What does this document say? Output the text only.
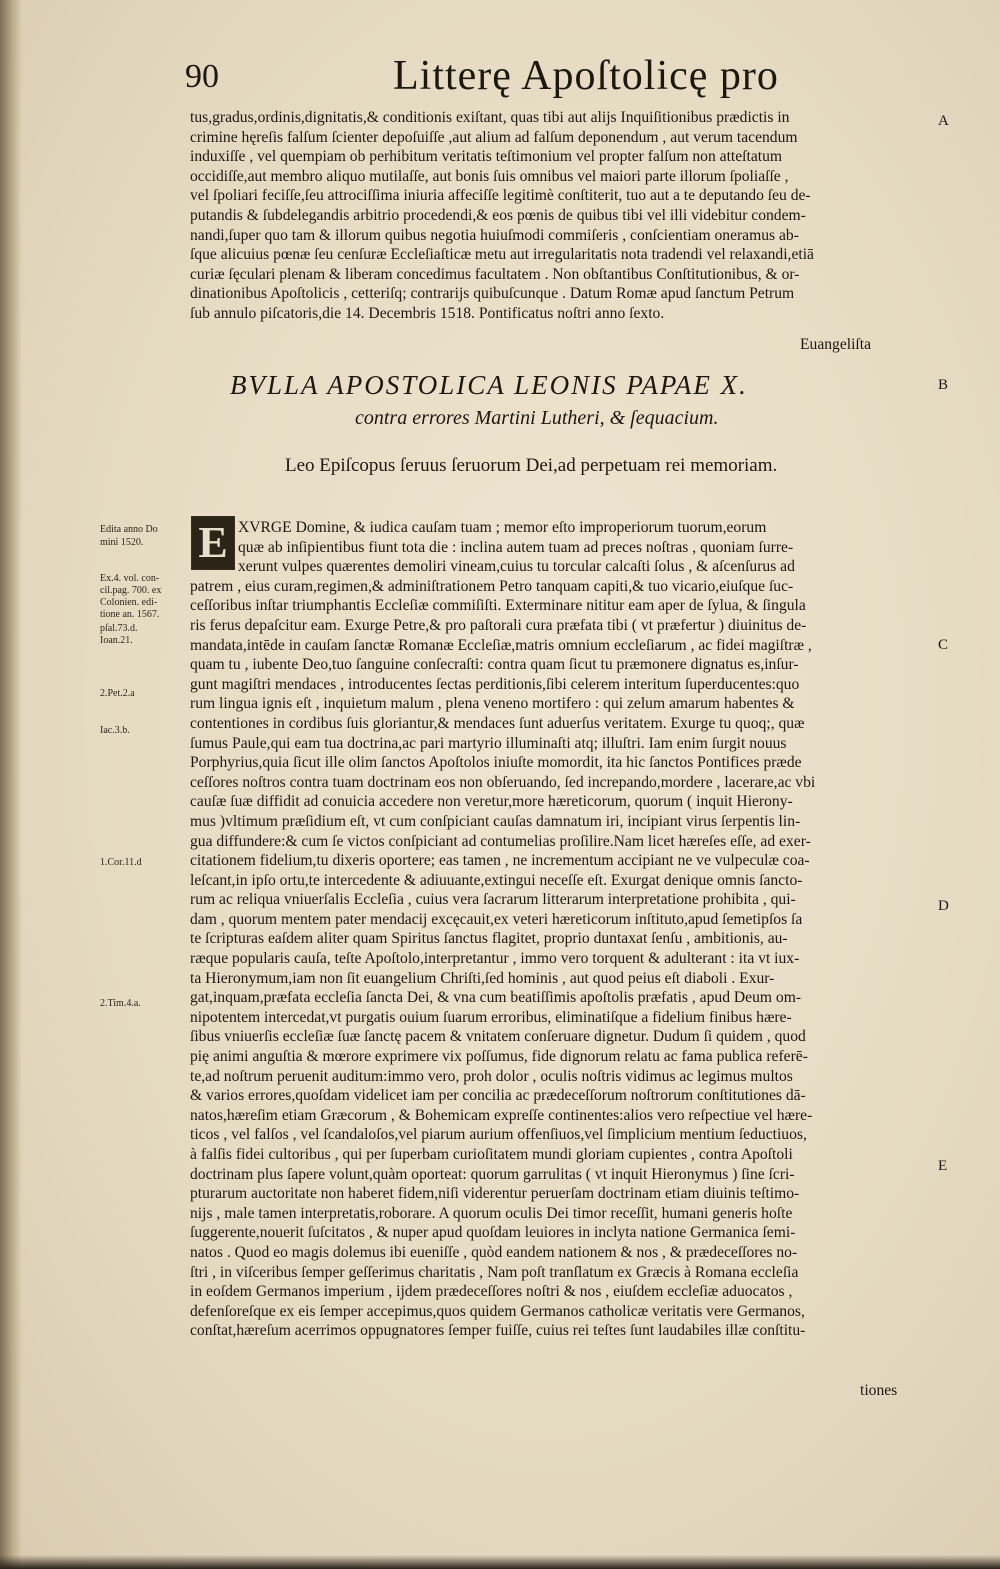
90	Litterę Apoſtolicę pro
tus,gradus,ordinis,dignitatis,& conditionis exiſtant, quas tibi aut alijs Inquiſitionibus prædictis in
crimine hęreſis falſum ſcienter depoſuiſſe ,aut alium ad falſum deponendum , aut verum tacendum
induxiſſe , vel quempiam ob perhibitum veritatis teſtimonium vel propter falſum non atteſtatum
occidiſſe,aut membro aliquo mutilaſſe, aut bonis ſuis omnibus vel maiori parte illorum ſpoliaſſe ,
vel ſpoliari feciſſe,ſeu attrociſſima iniuria affeciſſe legitimè conſtiterit, tuo aut a te deputando ſeu de-
putandis & ſubdelegandis arbitrio procedendi,& eos pœnis de quibus tibi vel illi videbitur condem-
nandi,ſuper quo tam & illorum quibus negotia huiuſmodi commiſeris , conſcientiam oneramus ab-
ſque alicuius pœnæ ſeu cenſuræ Eccleſiaſticæ metu aut irregularitatis nota tradendi vel relaxandi,etiā
curiæ ſęculari plenam & liberam concedimus facultatem . Non obſtantibus Conſtitutionibus, & or-
dinationibus Apoſtolicis , cetteriſq; contrarijs quibuſcunque . Datum Romæ apud ſanctum Petrum
ſub annulo piſcatoris,die 14. Decembris 1518. Pontificatus noſtri anno ſexto.
Euangeliſta
BVLLA APOSTOLICA LEONIS PAPAE X.
contra errores Martini Lutheri, & ſequacium.
Leo Epiſcopus ſeruus ſeruorum Dei,ad perpetuam rei memoriam.
E XVRGE Domine, & iudica cauſam tuam ; memor eſto improperiorum tuorum,eorum
quæ ab inſipientibus fiunt tota die : inclina autem tuam ad preces noſtras , quoniam ſurre-
xerunt vulpes quærentes demoliri vineam,cuius tu torcular calcaſti ſolus , & aſcenſurus ad
patrem , eius curam,regimen,& adminiſtrationem Petro tanquam capiti,& tuo vicario,eiuſque ſuc-
ceſſoribus inſtar triumphantis Eccleſiæ commiſiſti. Exterminare nititur eam aper de ſylua, & ſingula
ris ferus depaſcitur eam. Exurge Petre,& pro paſtorali cura præfata tibi ( vt præfertur ) diuinitus de-
mandata,intēde in cauſam ſanctæ Romanæ Eccleſiæ,matris omnium eccleſiarum , ac fidei magiſtræ ,
quam tu , iubente Deo,tuo ſanguine conſecraſti: contra quam ſicut tu præmonere dignatus es,inſur-
gunt magiſtri mendaces , introducentes ſectas perditionis,ſibi celerem interitum ſuperducentes:quo
rum lingua ignis eſt , inquietum malum , plena veneno mortifero : qui zelum amarum habentes &
contentiones in cordibus ſuis gloriantur,& mendaces ſunt aduerſus veritatem. Exurge tu quoq;, quæ
ſumus Paule,qui eam tua doctrina,ac pari martyrio illuminaſti atq; illuſtri. Iam enim ſurgit nouus
Porphyrius,quia ſicut ille olim ſanctos Apoſtolos iniuſte momordit, ita hic ſanctos Pontifices præde
ceſſores noſtros contra tuam doctrinam eos non obſeruando, ſed increpando,mordere , lacerare,ac vbi
cauſæ ſuæ diffidit ad conuicia accedere non veretur,more hæreticorum, quorum ( inquit Hierony-
mus )vltimum præſidium eſt, vt cum conſpiciant cauſas damnatum iri, incipiant virus ſerpentis lin-
gua diffundere:& cum ſe victos conſpiciant ad contumelias proſilire.Nam licet hæreſes eſſe, ad exer-
citationem fidelium,tu dixeris oportere; eas tamen , ne incrementum accipiant ne ve vulpeculæ coa-
leſcant,in ipſo ortu,te intercedente & adiuuante,extingui neceſſe eſt. Exurgat denique omnis ſancto-
rum ac reliqua vniuerſalis Eccleſia , cuius vera ſacrarum litterarum interpretatione prohibita , qui-
dam , quorum mentem pater mendacij excęcauit,ex veteri hæreticorum inſtituto,apud ſemetipſos ſa
te ſcripturas eaſdem aliter quam Spiritus ſanctus flagitet, proprio duntaxat ſenſu , ambitionis, au-
ræque popularis cauſa, teſte Apoſtolo,interpretantur , immo vero torquent & adulterant : ita vt iux-
ta Hieronymum,iam non ſit euangelium Chriſti,ſed hominis , aut quod peius eſt diaboli . Exur-
gat,inquam,præfata eccleſia ſancta Dei, & vna cum beatiſſimis apoſtolis præfatis , apud Deum om-
nipotentem intercedat,vt purgatis ouium ſuarum erroribus, eliminatiſque a fidelium finibus hære-
ſibus vniuerſis eccleſiæ ſuæ ſanctę pacem & vnitatem conſeruare dignetur. Dudum ſi quidem , quod
pię animi anguſtia & mœrore exprimere vix poſſumus, fide dignorum relatu ac fama publica referē-
te,ad noſtrum peruenit auditum:immo vero, proh dolor , oculis noſtris vidimus ac legimus multos
& varios errores,quoſdam videlicet iam per concilia ac prædeceſſorum noſtrorum conſtitutiones dā-
natos,hæreſim etiam Græcorum , & Bohemicam expreſſe continentes:alios vero reſpectiue vel hære-
ticos , vel falſos , vel ſcandaloſos,vel piarum aurium offenſiuos,vel ſimplicium mentium ſeductiuos,
à falſis fidei cultoribus , qui per ſuperbam curioſitatem mundi gloriam cupientes , contra Apoſtoli
doctrinam plus ſapere volunt,quàm oporteat: quorum garrulitas ( vt inquit Hieronymus ) ſine ſcri-
pturarum auctoritate non haberet fidem,niſi viderentur peruerſam doctrinam etiam diuinis teſtimo-
nijs , male tamen interpretatis,roborare. A quorum oculis Dei timor receſſit, humani generis hoſte
ſuggerente,nouerit ſuſcitatos , & nuper apud quoſdam leuiores in inclyta natione Germanica ſemi-
natos . Quod eo magis dolemus ibi eueniſſe , quòd eandem nationem & nos , & prædeceſſores no-
ſtri , in viſceribus ſemper geſſerimus charitatis , Nam poſt tranſlatum ex Græcis à Romana eccleſia
in eoſdem Germanos imperium , ijdem prædeceſſores noſtri & nos , eiuſdem eccleſiæ aduocatos ,
defenſoreſque ex eis ſemper accepimus,quos quidem Germanos catholicæ veritatis vere Germanos,
conſtat,hæreſum acerrimos oppugnatores ſemper fuiſſe, cuius rei teſtes ſunt laudabiles illæ conſtitu-
tiones
Edita anno Do
mini 1520.
Ex.4. vol. con-
cil.pag. 700. ex
Colonien. edi-
tione an. 1567.
pſal.73.d.
Ioan.21.
2.Pet.2.a
Iac.3.b.
1.Cor.11.d
2.Tim.4.a.
A
B
C
D
E
